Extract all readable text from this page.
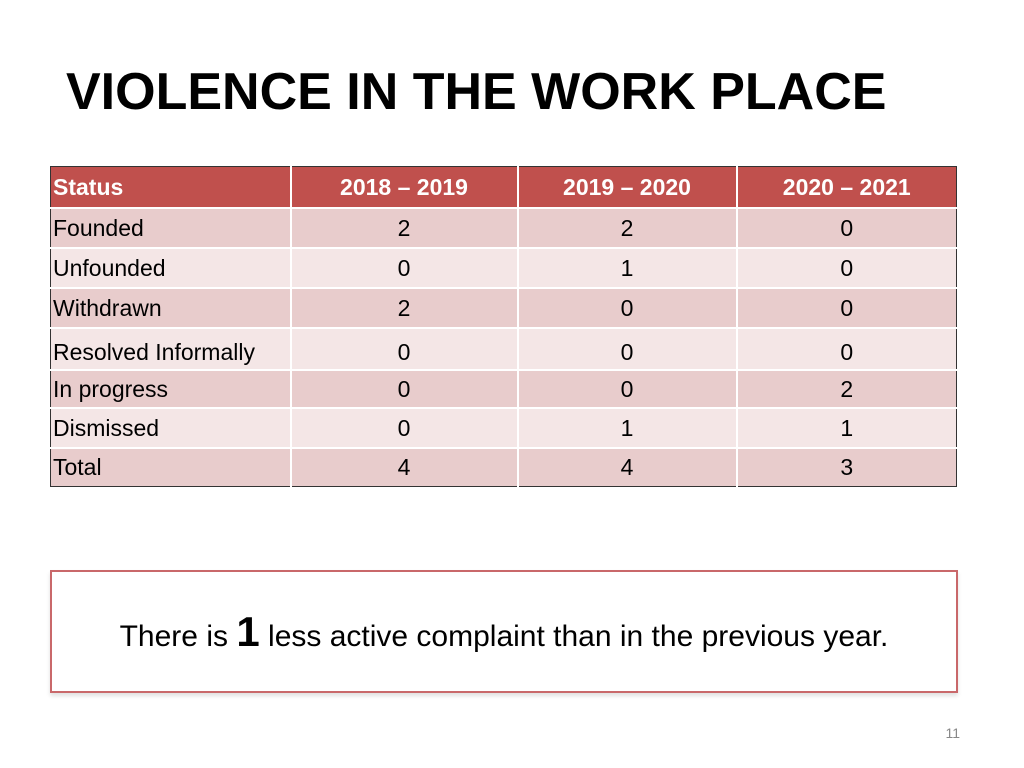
VIOLENCE IN THE WORK PLACE
Status	2018 – 2019	2019 – 2020	2020 – 2021
Founded	2	2	0
Unfounded	0	1	0
Withdrawn	2	0	0
Resolved Informally	0	0	0
In progress	0	0	2
Dismissed	0	1	1
Total	4	4	3
There is 1 less active complaint than in the previous year.
11
